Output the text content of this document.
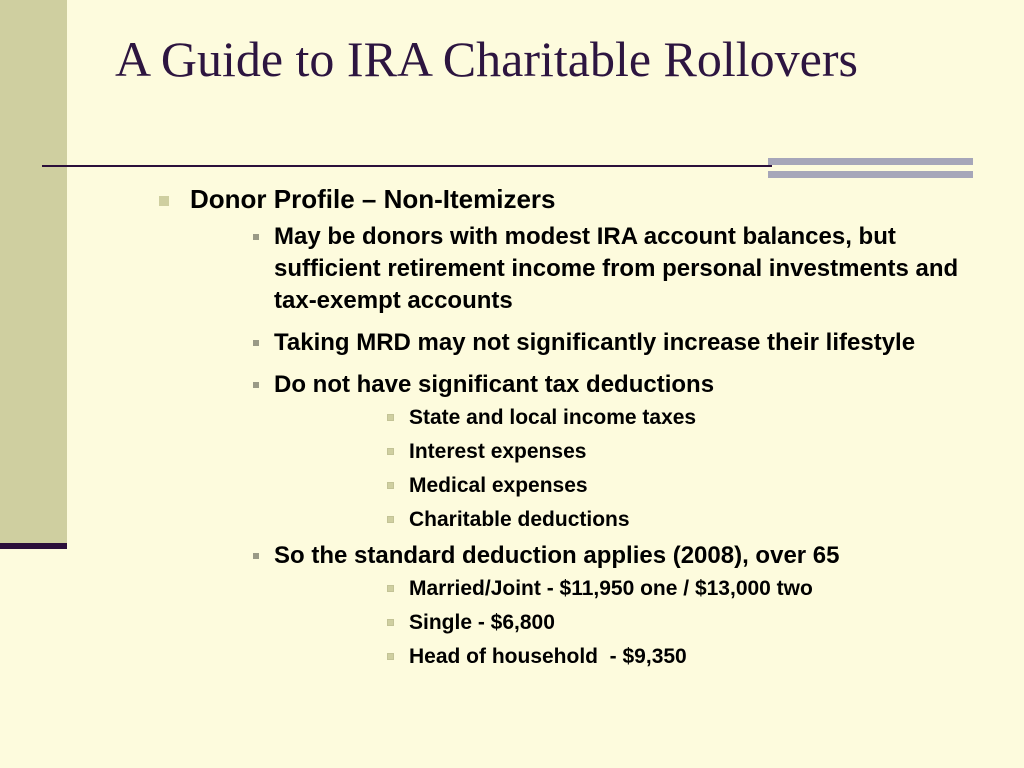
A Guide to IRA Charitable Rollovers
Donor Profile – Non-Itemizers
May be donors with modest IRA account balances, but sufficient retirement income from personal investments and tax-exempt accounts
Taking MRD may not significantly increase their lifestyle
Do not have significant tax deductions
State and local income taxes
Interest expenses
Medical expenses
Charitable deductions
So the standard deduction applies (2008), over 65
Married/Joint - $11,950 one / $13,000 two
Single - $6,800
Head of household  - $9,350
